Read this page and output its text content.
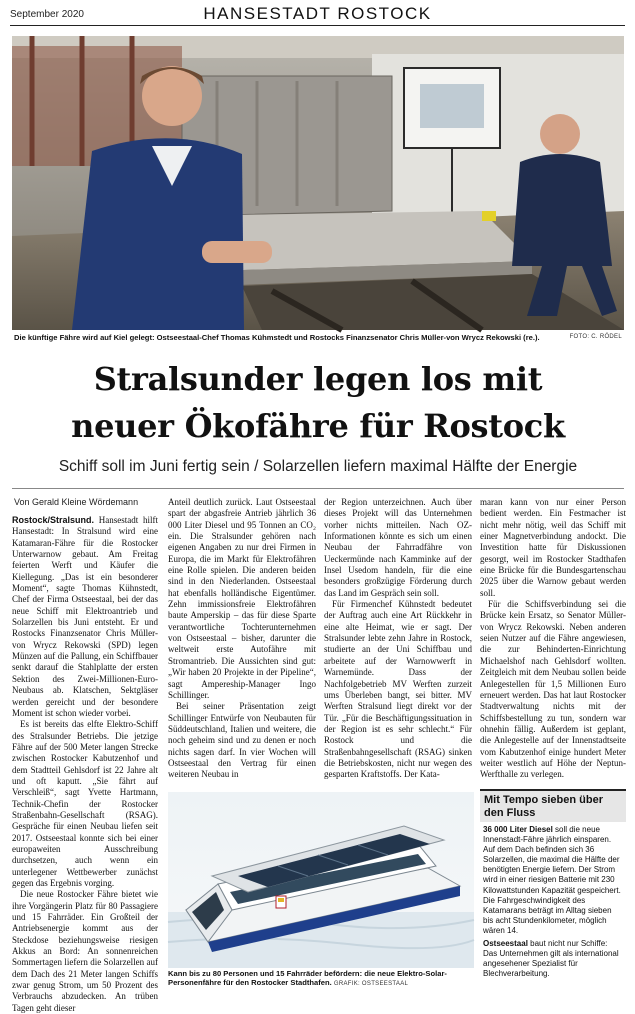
September 2020	HANSESTADT ROSTOCK
Die künftige Fähre wird auf Kiel gelegt: Ostseestaal-Chef Thomas Kühmstedt und Rostocks Finanzsenator Chris Müller-von Wrycz Rekowski (re.).	FOTO: C. RÖDEL
Stralsunder legen los mit
neuer Ökofähre für Rostock
Schiff soll im Juni fertig sein / Solarzellen liefern maximal Hälfte der Energie
Von Gerald Kleine Wördemann

Rostock/Stralsund. Hansestadt hilft Hansestadt: In Stralsund wird eine Katamaran-Fähre für die Rostocker Unterwarnow gebaut. Am Freitag feierten Werft und Käufer die Kiellegung. „Das ist ein besonderer Moment“, sagte Thomas Kühnstedt, Chef der Firma Ostseestaal, bei der das neue Schiff mit Elektroantrieb und Solarzellen bis Juni entsteht. Er und Rostocks Finanzsenator Chris Müller-von Wrycz Rekowski (SPD) legen Münzen auf die Pallung, ein Schiffbauer senkt darauf die Stahlplatte der ersten Sektion des Zwei-Millionen-Euro-Neubaus ab. Klatschen, Sektgläser werden gereicht und der besondere Moment ist schon wieder vorbei.

Es ist bereits das elfte Elektro-Schiff des Stralsunder Betriebs. Die jetzige Fähre auf der 500 Meter langen Strecke zwischen Rostocker Kabutzenhof und dem Stadtteil Gehlsdorf ist 22 Jahre alt und oft kaputt. „Sie fährt auf Verschleiß“, sagt Yvette Hartmann, Technik-Chefin der Rostocker Straßenbahn-Gesellschaft (RSAG). Gespräche für einen Neubau liefen seit 2017. Ostseestaal konnte sich bei einer europaweiten Ausschreibung durchsetzen, auch wenn ein unterlegener Wettbewerber zunächst gegen das Ergebnis vorging.

Die neue Rostocker Fähre bietet wie ihre Vorgängerin Platz für 80 Passagiere und 15 Fahrräder. Ein Großteil der Antriebsenergie kommt aus der Steckdose beziehungsweise riesigen Akkus an Bord: An sonnenreichen Sommertagen liefern die Solarzellen auf dem Dach des 21 Meter langen Schiffs zwar genug Strom, um 50 Prozent des Verbrauchs abzudecken. An trüben Tagen geht dieser

Anteil deutlich zurück. Laut Ostseestaal spart der abgasfreie Antrieb jährlich 36 000 Liter Diesel und 95 Tonnen an CO₂ ein. Die Stralsunder gehören nach eigenen Angaben zu nur drei Firmen in Europa, die im Markt für Elektrofähren eine Rolle spielen. Die anderen beiden sind in den Niederlanden. Ostseestaal hat ebenfalls holländische Eigentümer. Zehn immissionsfreie Elektrofähren baute Amperskip – das für diese Sparte verantwortliche Tochterunternehmen von Ostseestaal – bisher, darunter die weltweit erste Autofähre mit Stromantrieb. Die Aussichten sind gut: „Wir haben 20 Projekte in der Pipeline“, sagt Ampereship-Manager Ingo Schillinger.

Bei seiner Präsentation zeigt Schillinger Entwürfe von Neubauten für Süddeutschland, Italien und weitere, die noch geheim sind und zu denen er noch nichts sagen darf. In vier Wochen will Ostseestaal den Vertrag für einen weiteren Neubau in

der Region unterzeichnen. Auch über dieses Projekt will das Unternehmen vorher nichts mitteilen. Nach OZ-Informationen könnte es sich um einen Neubau der Fahrradfähre von Ueckermünde nach Kamminke auf der Insel Usedom handeln, für die eine besonders großzügige Förderung durch das Land im Gespräch sein soll.

Für Firmenchef Kühnstedt bedeutet der Auftrag auch eine Art Rückkehr in eine alte Heimat, wie er sagt. Der Stralsunder lebte zehn Jahre in Rostock, studierte an der Uni Schiffbau und arbeitete auf der Warnowwerft in Warnemünde. Dass der Nachfolgebetrieb MV Werften zurzeit ums Überleben bangt, sei bitter. MV Werften Stralsund liegt direkt vor der Tür. „Für die Beschäftigungssituation in der Region ist es sehr schlecht.“ Für Rostock und die Straßenbahngesellschaft (RSAG) sinken die Betriebskosten, nicht nur wegen des gesparten Kraftstoffs. Der Kata-

maran kann von nur einer Person bedient werden. Ein Festmacher ist nicht mehr nötig, weil das Schiff mit einer Magnetverbindung andockt. Die Investition hatte für Diskussionen gesorgt, weil im Rostocker Stadthafen eine Brücke für die Bundesgartenschau 2025 über die Warnow gebaut werden soll.

Für die Schiffsverbindung sei die Brücke kein Ersatz, so Senator Müller-von Wrycz Rekowski. Neben anderen seien Nutzer auf die Fähre angewiesen, die zur Behinderten-Einrichtung Michaelshof nach Gehlsdorf wollten. Zeitgleich mit dem Neubau sollen beide Anlegestellen für 1,5 Millionen Euro erneuert werden. Das hat laut Rostocker Stadtverwaltung nichts mit der Schiffsbestellung zu tun, sondern war ohnehin fällig. Außerdem ist geplant, die Anlegestelle auf der Innenstadtseite vom Kabutzenhof einige hundert Meter weiter westlich auf Höhe der Neptun-Werfthalle zu verlegen.

Kann bis zu 80 Personen und 15 Fahrräder befördern: die neue Elektro-Solar-Personenfähre für den Rostocker Stadthafen. GRAFIK: OSTSEESTAAL
Mit Tempo sieben über den Fluss

36 000 Liter Diesel soll die neue Innenstadt-Fähre jährlich einsparen. Auf dem Dach befinden sich 36 Solarzellen, die maximal die Hälfte der benötigten Energie liefern. Der Strom wird in einer riesigen Batterie mit 230 Kilowattstunden Kapazität gespeichert. Die Fahrgeschwindigkeit des Katamarans beträgt im Alltag sieben bis acht Stundenkilometer, möglich wären 14.

Ostseestaal baut nicht nur Schiffe: Das Unternehmen gilt als international angesehener Spezialist für Blechverarbeitung.
